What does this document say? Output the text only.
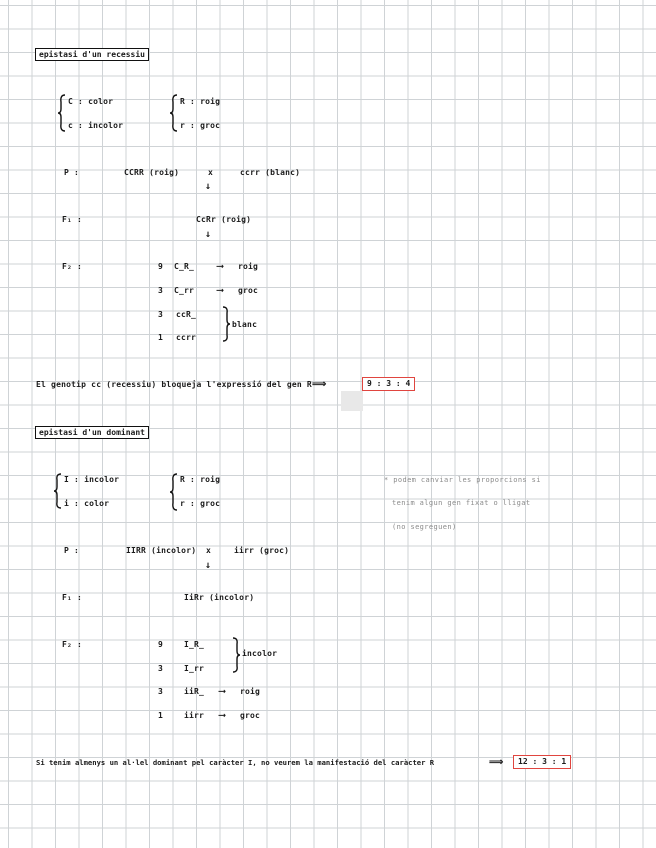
epistasi d'un recessiu
C : color
c : incolor
R : roig
r : groc
P :	CCRR (roig)	x	ccrr (blanc)
↓
F₁ :	CcRr (roig)
↓
F₂ :	9 C_R_ ⟶ roig
3 C_rr ⟶ groc
3 ccR_
1 ccrr
blanc
El genotip cc (recessiu) bloqueja l'expressió del gen R ⟹	9 : 3 : 4
epistasi d'un dominant
I : incolor
i : color
R : roig
r : groc
* podem canviar les proporcions si
tenim algun gen fixat o lligat
(no segreguen)
P :	IIRR (incolor) x	iirr (groc)
↓
F₁ :	IiRr (incolor)
F₂ :	9	I_R_
3	I_rr
incolor
3	iiR_ ⟶ roig
1	iirr ⟶ groc
Si tenim almenys un al·lel dominant pel caràcter I, no veurem la manifestació del caràcter R	⟹	12 : 3 : 1
